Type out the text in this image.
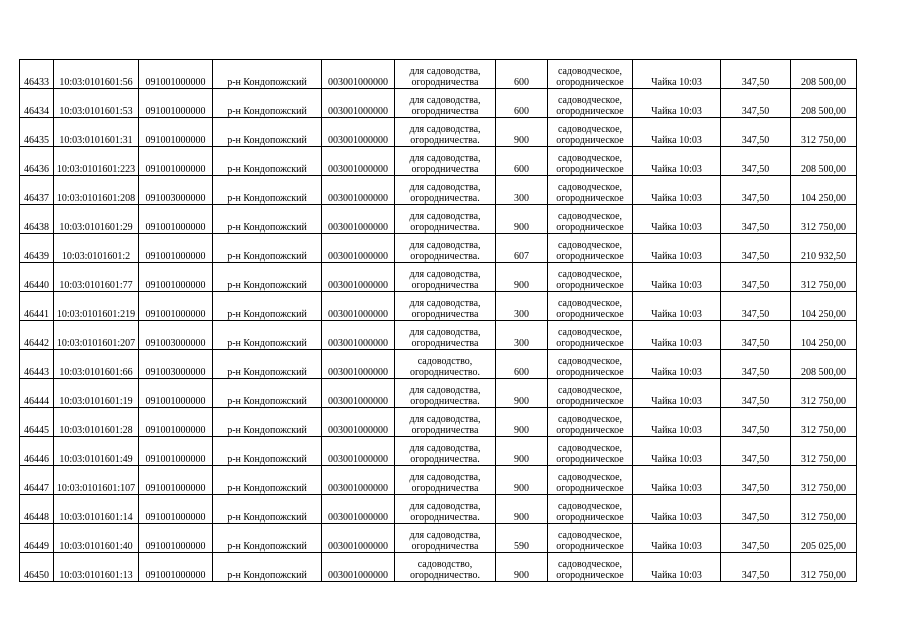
46433	10:03:0101601:56	091001000000	р-н Кондопожский	003001000000	для садоводства,
огородничества	600	садоводческое,
огородническое	Чайка 10:03	347,50	208 500,00
46434	10:03:0101601:53	091001000000	р-н Кондопожский	003001000000	для садоводства,
огородничества	600	садоводческое,
огородническое	Чайка 10:03	347,50	208 500,00
46435	10:03:0101601:31	091001000000	р-н Кондопожский	003001000000	для садоводства,
огородничества.	900	садоводческое,
огородническое	Чайка 10:03	347,50	312 750,00
46436	10:03:0101601:223	091001000000	р-н Кондопожский	003001000000	для садоводства,
огородничества	600	садоводческое,
огородническое	Чайка 10:03	347,50	208 500,00
46437	10:03:0101601:208	091003000000	р-н Кондопожский	003001000000	для садоводства,
огородничества.	300	садоводческое,
огородническое	Чайка 10:03	347,50	104 250,00
46438	10:03:0101601:29	091001000000	р-н Кондопожский	003001000000	для садоводства,
огородничества.	900	садоводческое,
огородническое	Чайка 10:03	347,50	312 750,00
46439	10:03:0101601:2	091001000000	р-н Кондопожский	003001000000	для садоводства,
огородничества.	607	садоводческое,
огородническое	Чайка 10:03	347,50	210 932,50
46440	10:03:0101601:77	091001000000	р-н Кондопожский	003001000000	для садоводства,
огородничества	900	садоводческое,
огородническое	Чайка 10:03	347,50	312 750,00
46441	10:03:0101601:219	091001000000	р-н Кондопожский	003001000000	для садоводства,
огородничества	300	садоводческое,
огородническое	Чайка 10:03	347,50	104 250,00
46442	10:03:0101601:207	091003000000	р-н Кондопожский	003001000000	для садоводства,
огородничества	300	садоводческое,
огородническое	Чайка 10:03	347,50	104 250,00
46443	10:03:0101601:66	091003000000	р-н Кондопожский	003001000000	садоводство,
огородничество.	600	садоводческое,
огородническое	Чайка 10:03	347,50	208 500,00
46444	10:03:0101601:19	091001000000	р-н Кондопожский	003001000000	для садоводства,
огородничества.	900	садоводческое,
огородническое	Чайка 10:03	347,50	312 750,00
46445	10:03:0101601:28	091001000000	р-н Кондопожский	003001000000	для садоводства,
огородничества	900	садоводческое,
огородническое	Чайка 10:03	347,50	312 750,00
46446	10:03:0101601:49	091001000000	р-н Кондопожский	003001000000	для садоводства,
огородничества.	900	садоводческое,
огородническое	Чайка 10:03	347,50	312 750,00
46447	10:03:0101601:107	091001000000	р-н Кондопожский	003001000000	для садоводства,
огородничества	900	садоводческое,
огородническое	Чайка 10:03	347,50	312 750,00
46448	10:03:0101601:14	091001000000	р-н Кондопожский	003001000000	для садоводства,
огородничества.	900	садоводческое,
огородническое	Чайка 10:03	347,50	312 750,00
46449	10:03:0101601:40	091001000000	р-н Кондопожский	003001000000	для садоводства,
огородничества	590	садоводческое,
огородническое	Чайка 10:03	347,50	205 025,00
46450	10:03:0101601:13	091001000000	р-н Кондопожский	003001000000	садоводство,
огородничество.	900	садоводческое,
огородническое	Чайка 10:03	347,50	312 750,00
